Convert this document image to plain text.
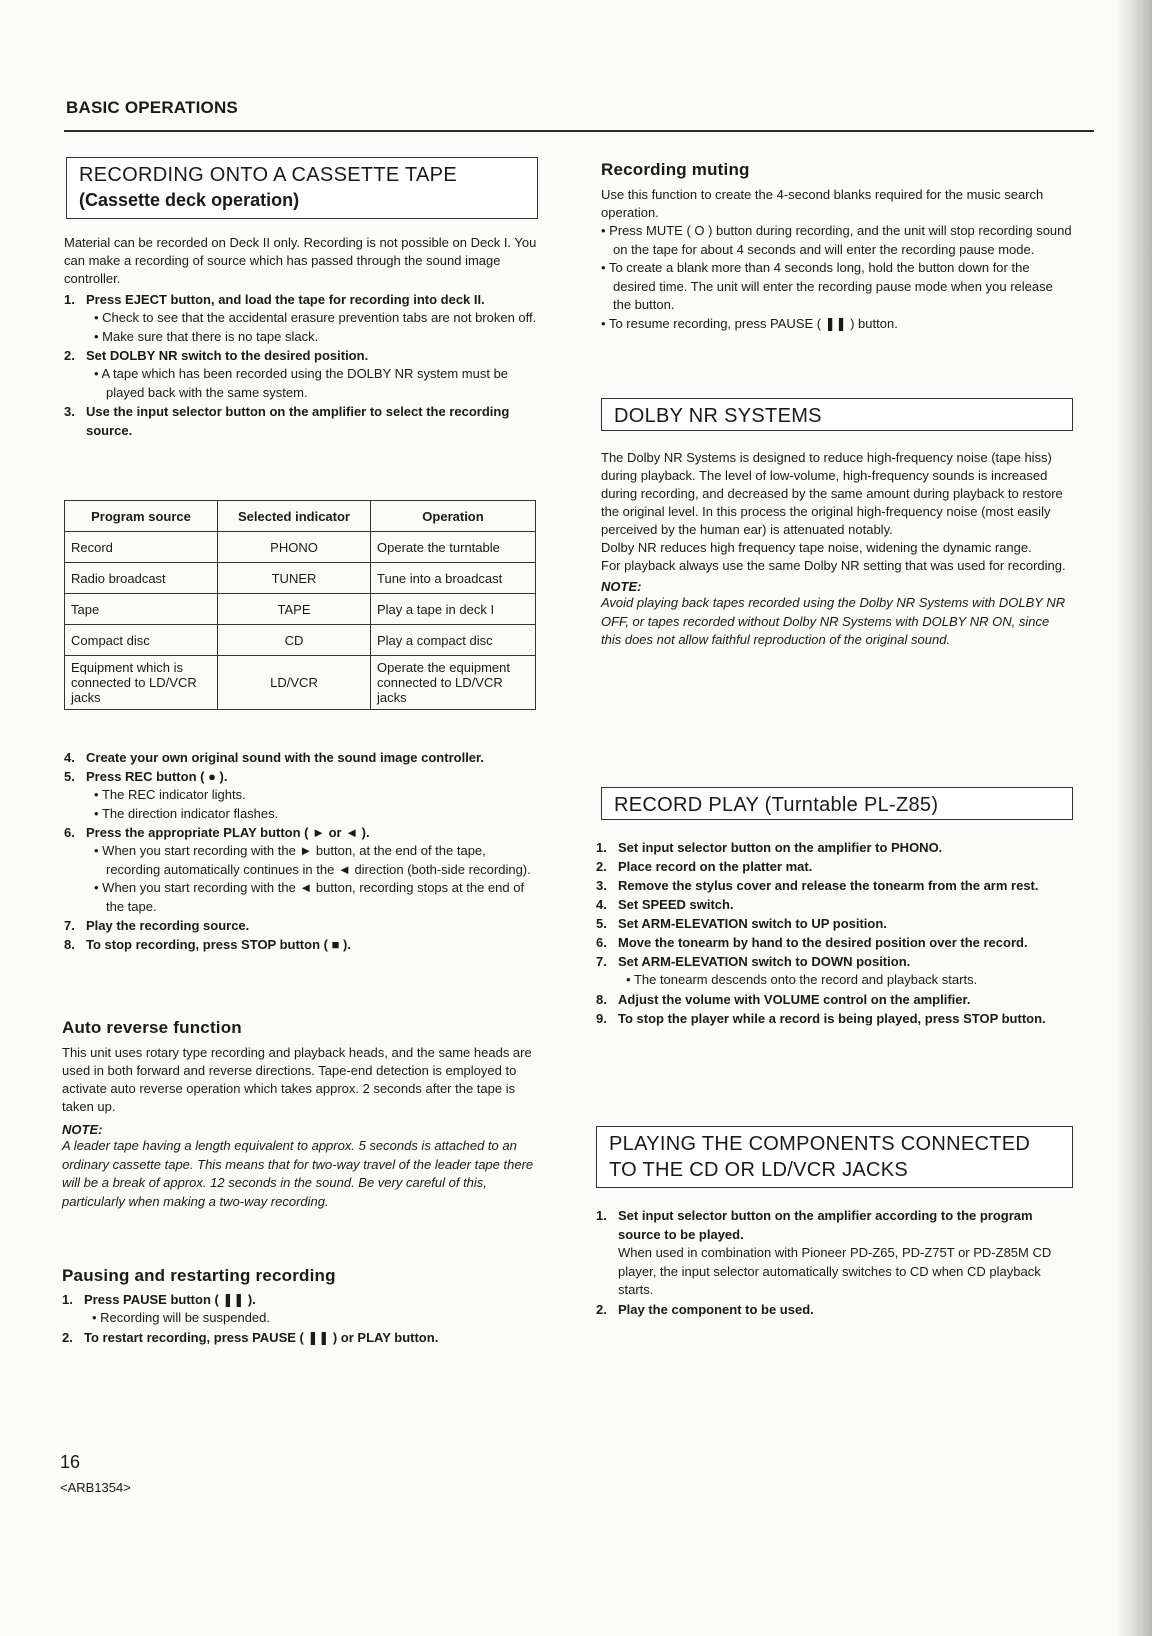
BASIC OPERATIONS
RECORDING ONTO A CASSETTE TAPE
(Cassette deck operation)

Material can be recorded on Deck II only. Recording is not possible on Deck I. You can make a recording of source which has passed through the sound image controller.

1. Press EJECT button, and load the tape for recording into deck II.

• Check to see that the accidental erasure prevention tabs are not broken off.

• Make sure that there is no tape slack.

2. Set DOLBY NR switch to the desired position.

• A tape which has been recorded using the DOLBY NR system must be played back with the same system.

3. Use the input selector button on the amplifier to select the recording source.

Program source	Selected indicator	Operation
Record	PHONO	Operate the turntable
Radio broadcast	TUNER	Tune into a broadcast
Tape	TAPE	Play a tape in deck I
Compact disc	CD	Play a compact disc
Equipment which is connected to LD/VCR jacks	LD/VCR	Operate the equipment connected to LD/VCR jacks

4. Create your own original sound with the sound image controller.

5. Press REC button ( ● ).

• The REC indicator lights.

• The direction indicator flashes.

6. Press the appropriate PLAY button ( ► or ◄ ).

• When you start recording with the ► button, at the end of the tape, recording automatically continues in the ◄ direction (both-side recording).

• When you start recording with the ◄ button, recording stops at the end of the tape.

7. Play the recording source.

8. To stop recording, press STOP button ( ■ ).

Auto reverse function

This unit uses rotary type recording and playback heads, and the same heads are used in both forward and reverse directions. Tape-end detection is employed to activate auto reverse operation which takes approx. 2 seconds after the tape is taken up.

NOTE:

A leader tape having a length equivalent to approx. 5 seconds is attached to an ordinary cassette tape. This means that for two-way travel of the leader tape there will be a break of approx. 12 seconds in the sound. Be very careful of this, particularly when making a two-way recording.

Pausing and restarting recording

1. Press PAUSE button ( ❚❚ ).

• Recording will be suspended.

2. To restart recording, press PAUSE ( ❚❚ ) or PLAY button.

Recording muting

Use this function to create the 4-second blanks required for the music search operation.

• Press MUTE ( O ) button during recording, and the unit will stop recording sound on the tape for about 4 seconds and will enter the recording pause mode.

• To create a blank more than 4 seconds long, hold the button down for the desired time. The unit will enter the recording pause mode when you release the button.

• To resume recording, press PAUSE ( ❚❚ ) button.

DOLBY NR SYSTEMS

The Dolby NR Systems is designed to reduce high-frequency noise (tape hiss) during playback. The level of low-volume, high-frequency sounds is increased during recording, and decreased by the same amount during playback to restore the original level. In this process the original high-frequency noise (most easily perceived by the human ear) is attenuated notably.

Dolby NR reduces high frequency tape noise, widening the dynamic range.

For playback always use the same Dolby NR setting that was used for recording.

NOTE:

Avoid playing back tapes recorded using the Dolby NR Systems with DOLBY NR OFF, or tapes recorded without Dolby NR Systems with DOLBY NR ON, since this does not allow faithful reproduction of the original sound.

RECORD PLAY (Turntable PL-Z85)

1. Set input selector button on the amplifier to PHONO.

2. Place record on the platter mat.

3. Remove the stylus cover and release the tonearm from the arm rest.

4. Set SPEED switch.

5. Set ARM-ELEVATION switch to UP position.

6. Move the tonearm by hand to the desired position over the record.

7. Set ARM-ELEVATION switch to DOWN position.

• The tonearm descends onto the record and playback starts.

8. Adjust the volume with VOLUME control on the amplifier.

9. To stop the player while a record is being played, press STOP button.

PLAYING THE COMPONENTS CONNECTED TO THE CD OR LD/VCR JACKS

1. Set input selector button on the amplifier according to the program source to be played.

When used in combination with Pioneer PD-Z65, PD-Z75T or PD-Z85M CD player, the input selector automatically switches to CD when CD playback starts.

2. Play the component to be used.

16
<ARB1354>
